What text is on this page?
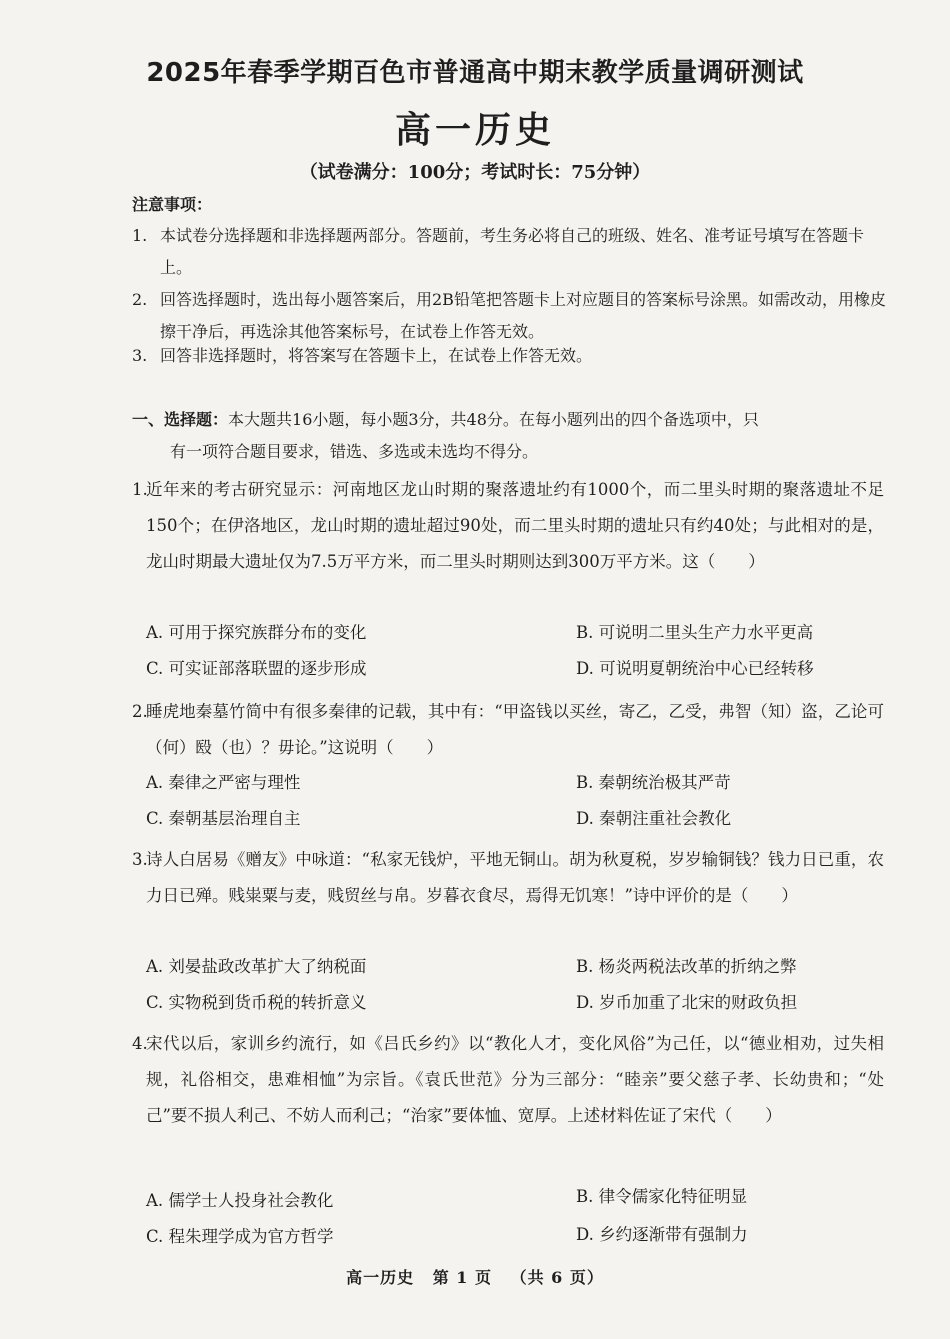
2025年春季学期百色市普通高中期末教学质量调研测试
高一历史
（试卷满分：100分；考试时长：75分钟）
注意事项：
1. 本试卷分选择题和非选择题两部分。答题前，考生务必将自己的班级、姓名、准考证号填写在答题卡上。
2. 回答选择题时，选出每小题答案后，用2B铅笔把答题卡上对应题目的答案标号涂黑。如需改动，用橡皮擦干净后，再选涂其他答案标号，在试卷上作答无效。
3. 回答非选择题时，将答案写在答题卡上，在试卷上作答无效。
一、选择题：本大题共16小题，每小题3分，共48分。在每小题列出的四个备选项中，只
有一项符合题目要求，错选、多选或未选均不得分。
1.
近年来的考古研究显示：河南地区龙山时期的聚落遗址约有1000个，而二里头时期的聚落遗址不足150个；在伊洛地区，龙山时期的遗址超过90处，而二里头时期的遗址只有约40处；与此相对的是，龙山时期最大遗址仅为7.5万平方米，而二里头时期则达到300万平方米。这（　　）
A. 可用于探究族群分布的变化	B. 可说明二里头生产力水平更高
C. 可实证部落联盟的逐步形成	D. 可说明夏朝统治中心已经转移
2.
睡虎地秦墓竹简中有很多秦律的记载，其中有：“甲盗钱以买丝，寄乙，乙受，弗智（知）盗，乙论可（何）殹（也）？毋论。”这说明（　　）
A. 秦律之严密与理性	B. 秦朝统治极其严苛
C. 秦朝基层治理自主	D. 秦朝注重社会教化
3.
诗人白居易《赠友》中咏道：“私家无钱炉，平地无铜山。胡为秋夏税，岁岁输铜钱？钱力日已重，农力日已殚。贱粜粟与麦，贱贸丝与帛。岁暮衣食尽，焉得无饥寒！”诗中评价的是（　　）
A. 刘晏盐政改革扩大了纳税面	B. 杨炎两税法改革的折纳之弊
C. 实物税到货币税的转折意义	D. 岁币加重了北宋的财政负担
4.
宋代以后，家训乡约流行，如《吕氏乡约》以“教化人才，变化风俗”为己任，以“德业相劝，过失相规，礼俗相交，患难相恤”为宗旨。《袁氏世范》分为三部分：“睦亲”要父慈子孝、长幼贵和；“处己”要不损人利己、不妨人而利己；“治家”要体恤、宽厚。上述材料佐证了宋代（　　）
A. 儒学士人投身社会教化	B. 律令儒家化特征明显
C. 程朱理学成为官方哲学	D. 乡约逐渐带有强制力
高一历史 第 1 页 （共 6 页）
